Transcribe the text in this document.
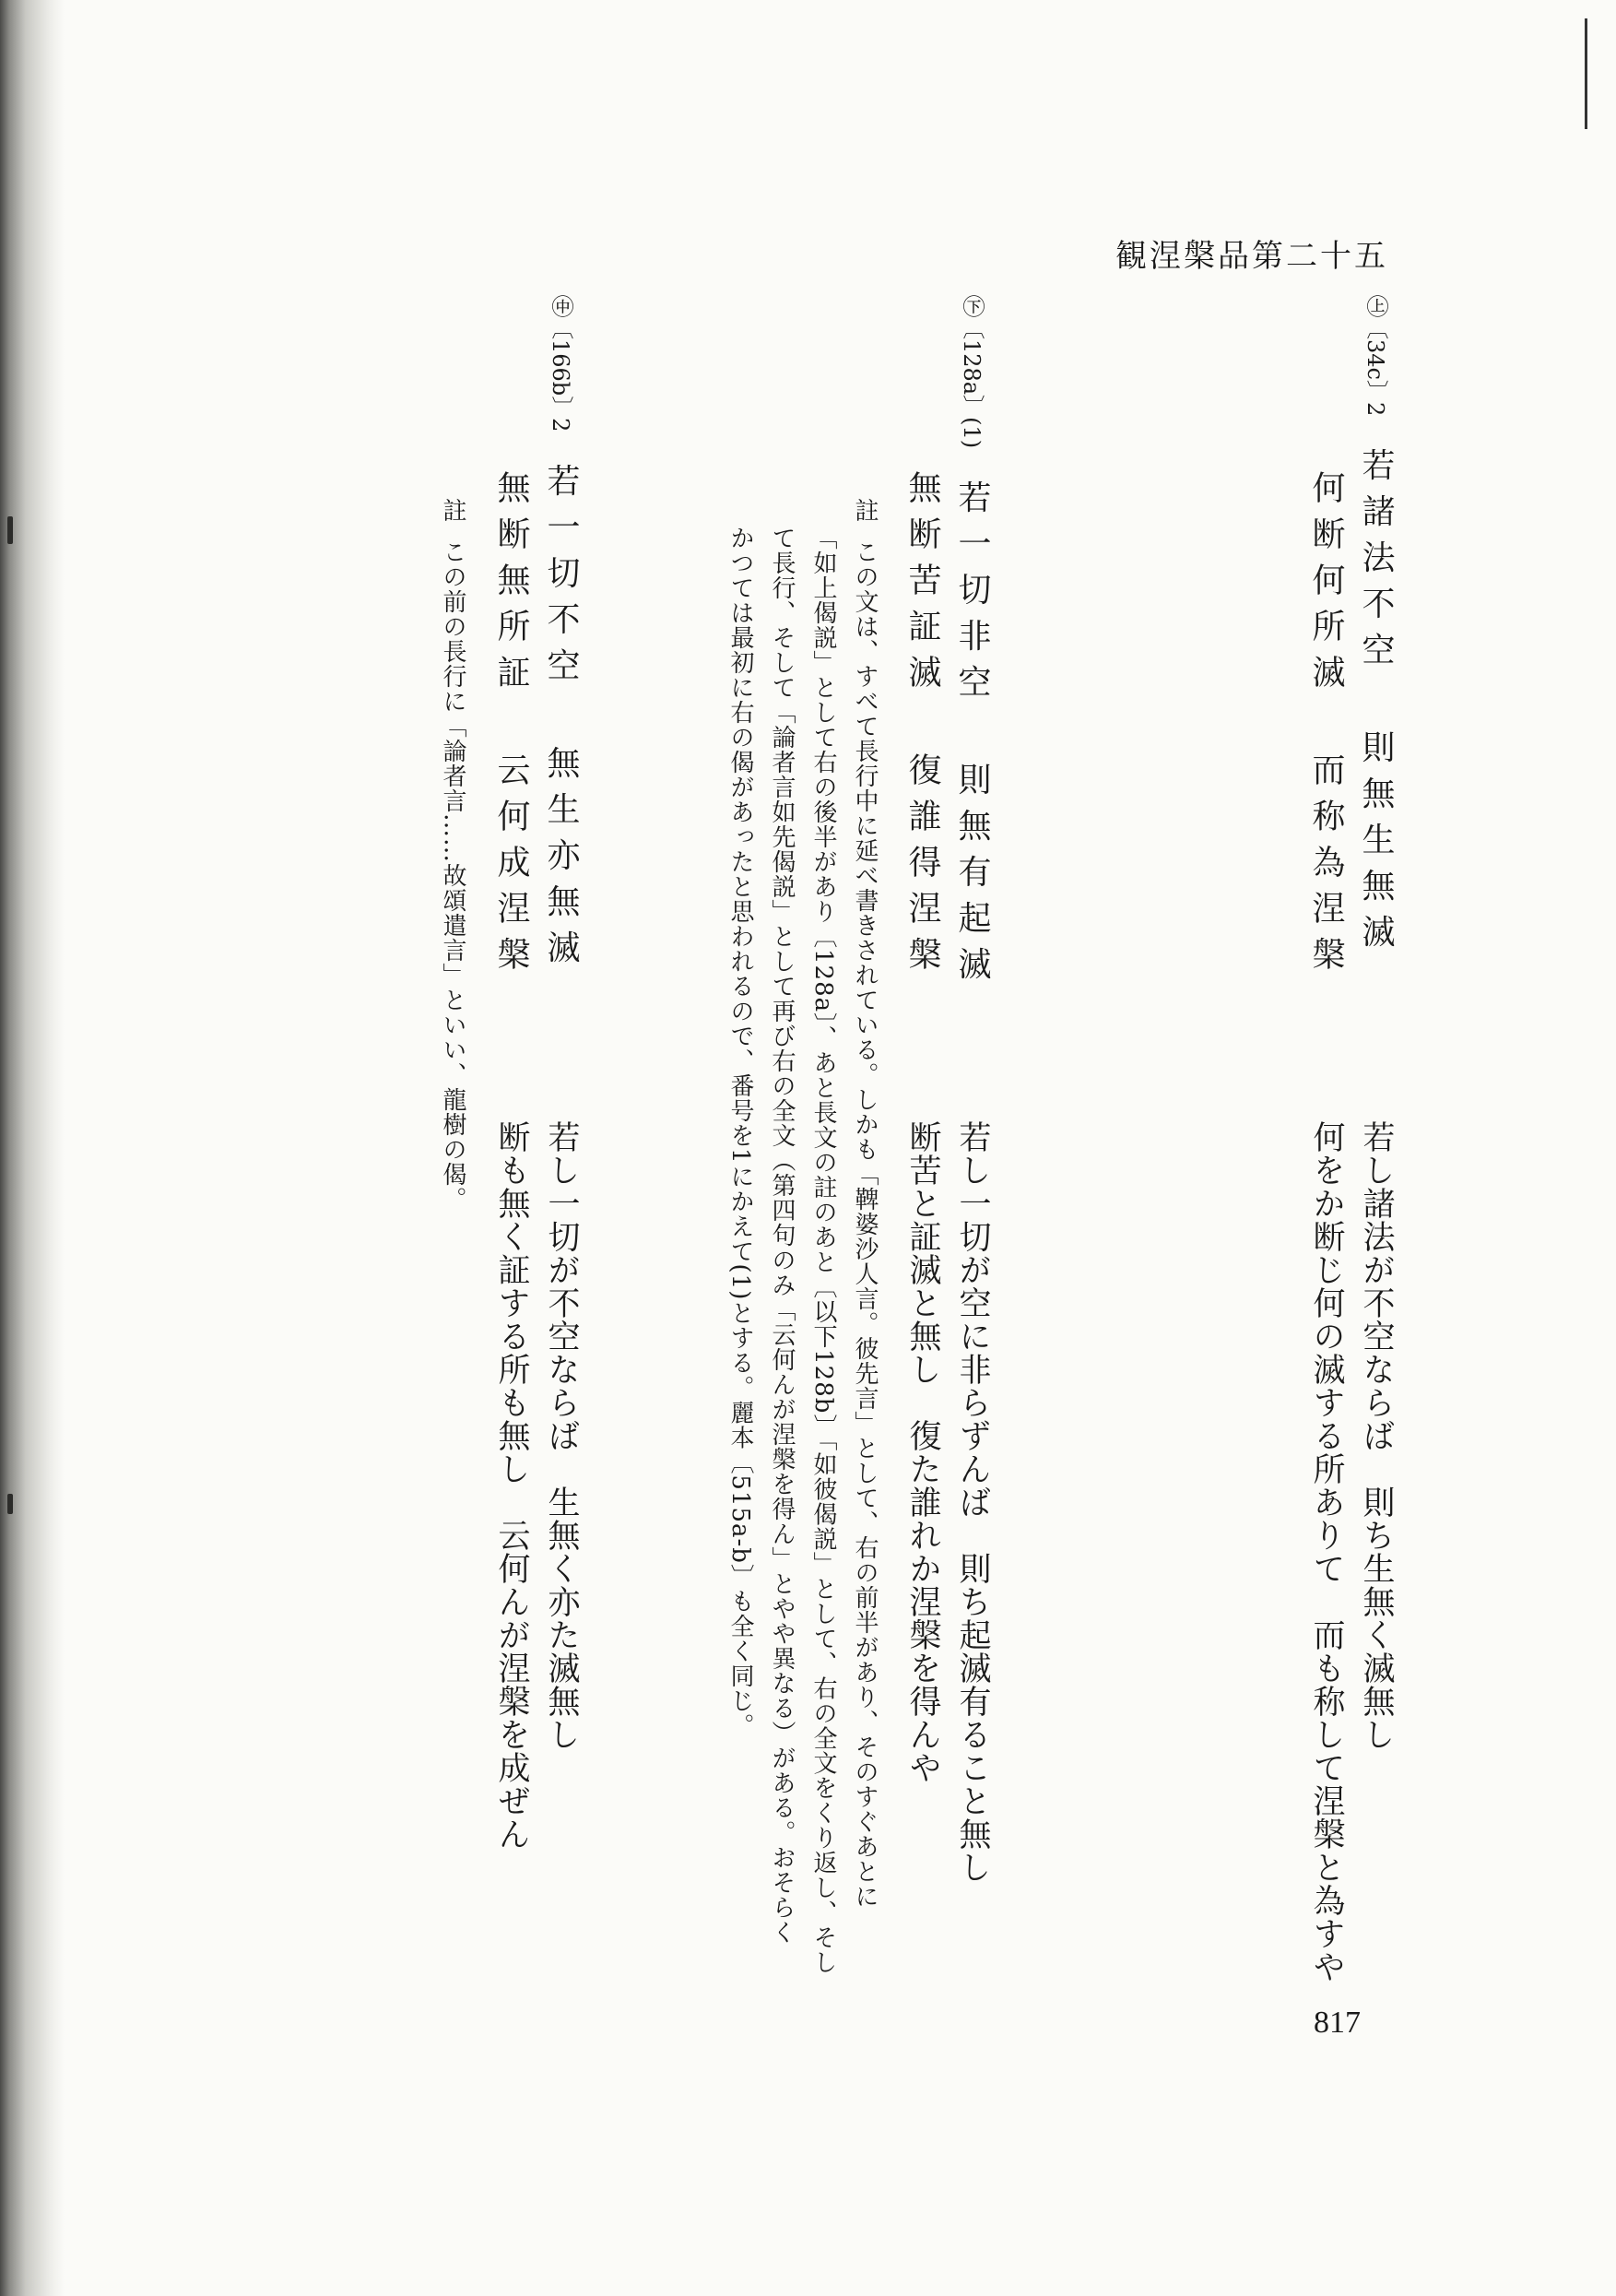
観涅槃品第二十五
㊤〔34c〕2若諸法不空則無生無滅
何断何所滅而称為涅槃
若し諸法が不空ならば　則ち生無く滅無し
何をか断じ何の滅する所ありて　而も称して涅槃と為すや
㊦〔128a〕(1)若一切非空則無有起滅
無断苦証滅復誰得涅槃
若し一切が空に非らずんば　則ち起滅有ること無し
断苦と証滅と無し　復た誰れか涅槃を得んや
註この文は、すべて長行中に延べ書きされている。しかも「鞞婆沙人言。彼先言」として、右の前半があり、そのすぐあとに
「如上偈説」として右の後半があり〔128a〕、あと長文の註のあと〔以下128b〕「如彼偈説」として、右の全文をくり返し、そし
て長行、そして「論者言如先偈説」として再び右の全文（第四句のみ「云何んが涅槃を得ん」とやや異なる）がある。おそらく
かつては最初に右の偈があったと思われるので、番号を1にかえて(1)とする。麗本〔515a-b〕も全く同じ。
㊥〔166b〕2若一切不空無生亦無滅
無断無所証云何成涅槃
若し一切が不空ならば　生無く亦た滅無し
断も無く証する所も無し　云何んが涅槃を成ぜん
註この前の長行に「論者言……故頌遣言」といい、龍樹の偈。
817
